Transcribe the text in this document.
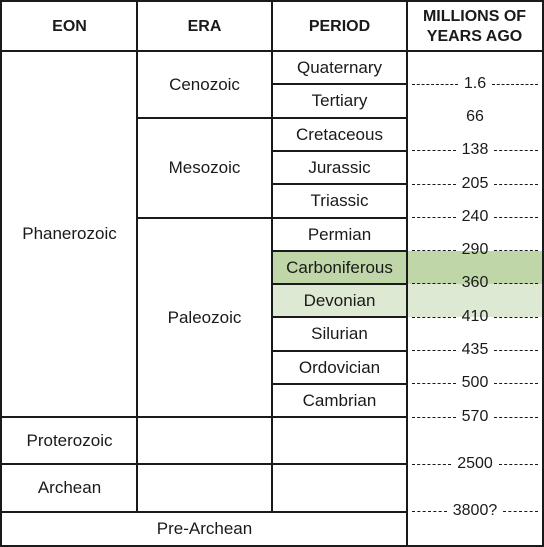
EON	ERA	PERIOD
MILLIONS OF
YEARS AGO
Phanerozoic
Proterozoic
Archean
Pre-Archean
Cenozoic
Mesozoic
Paleozoic
Quaternary
Tertiary
Cretaceous
Jurassic
Triassic
Permian
Carboniferous
Devonian
Silurian
Ordovician
Cambrian
1.6
66
138
205
240
290
360
410
435
500
570
2500
3800?
